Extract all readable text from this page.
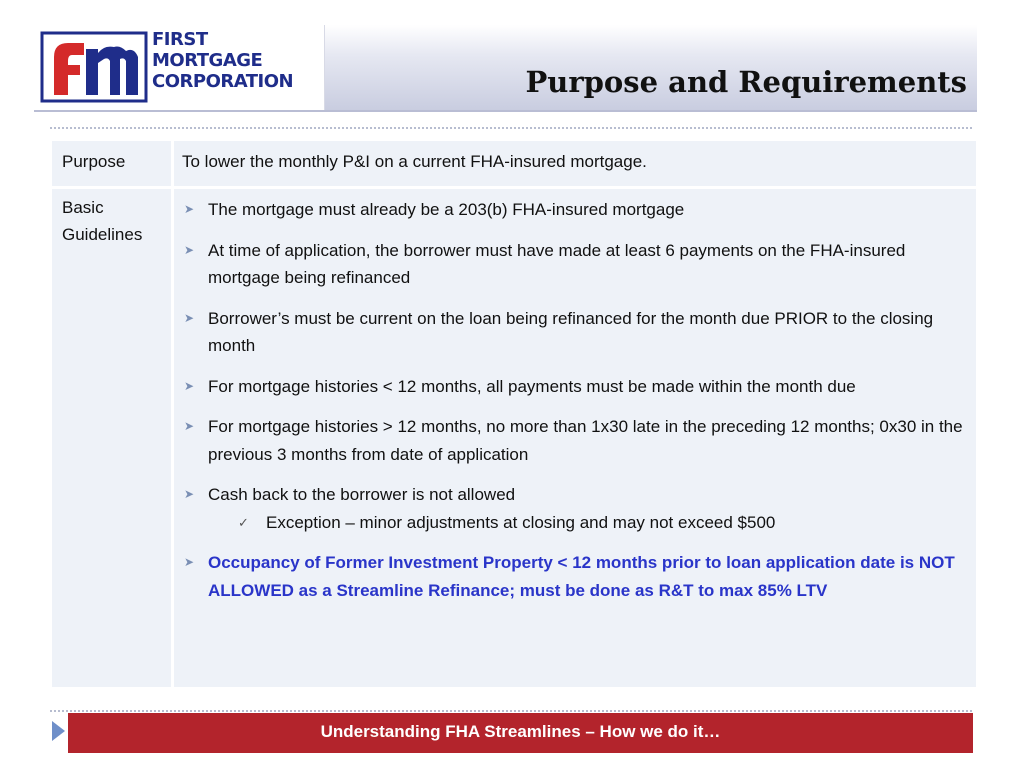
FIRST
MORTGAGE
CORPORATION	Purpose and Requirements
Purpose	To lower the monthly P&I on a current FHA-insured mortgage.
Basic Guidelines
➤ The mortgage must already be a 203(b) FHA-insured mortgage
➤ At time of application, the borrower must have made at least 6 payments on the FHA-insured mortgage being refinanced
➤ Borrower’s must be current on the loan being refinanced for the month due PRIOR to the closing month
➤ For mortgage histories < 12 months, all payments must be made within the month due
➤ For mortgage histories > 12 months, no more than 1x30 late in the preceding 12 months; 0x30 in the previous 3 months from date of application
➤ Cash back to the borrower is not allowed
✓ Exception – minor adjustments at closing and may not exceed $500
➤ Occupancy of Former Investment Property < 12 months prior to loan application date is NOT ALLOWED as a Streamline Refinance; must be done as R&T to max 85% LTV
Understanding FHA Streamlines – How we do it…
